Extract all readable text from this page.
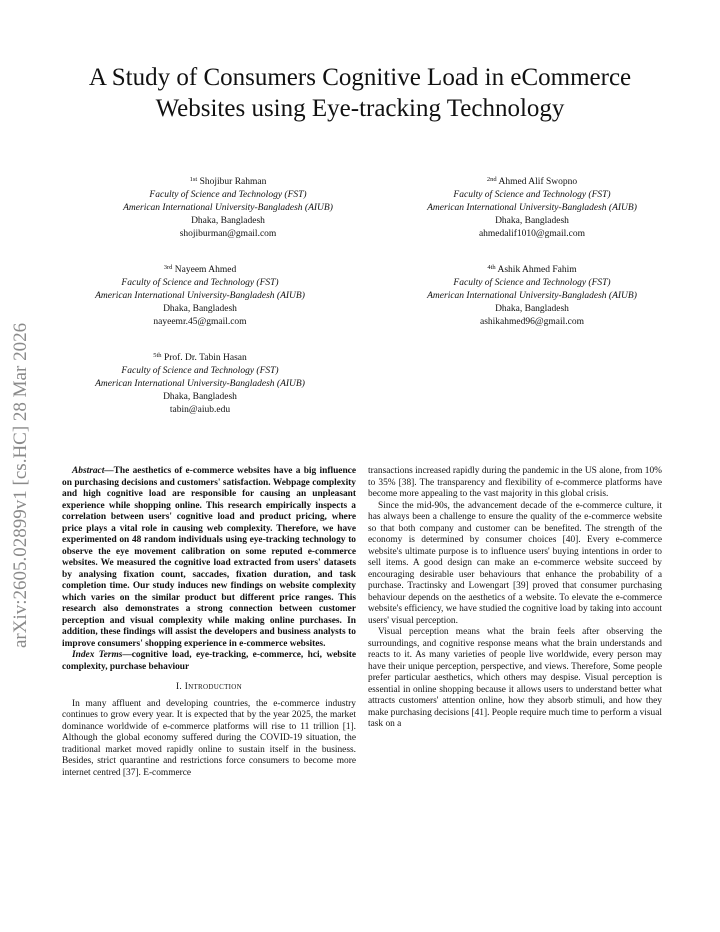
arXiv:2605.02899v1 [cs.HC] 28 Mar 2026
A Study of Consumers Cognitive Load in eCommerce Websites using Eye-tracking Technology
$^{1st}$ Shojibur Rahman
Faculty of Science and Technology (FST)
American International University-Bangladesh (AIUB)
Dhaka, Bangladesh
shojiburman@gmail.com
$^{2nd}$ Ahmed Alif Swopno
Faculty of Science and Technology (FST)
American International University-Bangladesh (AIUB)
Dhaka, Bangladesh
ahmedalif1010@gmail.com
$^{3rd}$ Nayeem Ahmed
Faculty of Science and Technology (FST)
American International University-Bangladesh (AIUB)
Dhaka, Bangladesh
nayeemr.45@gmail.com
$^{4th}$ Ashik Ahmed Fahim
Faculty of Science and Technology (FST)
American International University-Bangladesh (AIUB)
Dhaka, Bangladesh
ashikahmed96@gmail.com
$^{5th}$ Prof. Dr. Tabin Hasan
Faculty of Science and Technology (FST)
American International University-Bangladesh (AIUB)
Dhaka, Bangladesh
tabin@aiub.edu

Abstract—The aesthetics of e-commerce websites have a big influence on purchasing decisions and customers' satisfaction. Webpage complexity and high cognitive load are responsible for causing an unpleasant experience while shopping online. This research empirically inspects a correlation between users' cognitive load and product pricing, where price plays a vital role in causing web complexity. Therefore, we have experimented on 48 random individuals using eye-tracking technology to observe the eye movement calibration on some reputed e-commerce websites. We measured the cognitive load extracted from users' datasets by analysing fixation count, saccades, fixation duration, and task completion time. Our study induces new findings on website complexity which varies on the similar product but different price ranges. This research also demonstrates a strong connection between customer perception and visual complexity while making online purchases. In addition, these findings will assist the developers and business analysts to improve consumers' shopping experience in e-commerce websites.

Index Terms—cognitive load, eye-tracking, e-commerce, hci, website complexity, purchase behaviour

I. Introduction

In many affluent and developing countries, the e-commerce industry continues to grow every year. It is expected that by the year 2025, the market dominance worldwide of e-commerce platforms will rise to 11 trillion [1]. Although the global economy suffered during the COVID-19 situation, the traditional market moved rapidly online to sustain itself in the business. Besides, strict quarantine and restrictions force consumers to become more internet centred [37]. E-commerce

transactions increased rapidly during the pandemic in the US alone, from 10% to 35% [38]. The transparency and flexibility of e-commerce platforms have become more appealing to the vast majority in this global crisis.

Since the mid-90s, the advancement decade of the e-commerce culture, it has always been a challenge to ensure the quality of the e-commerce website so that both company and customer can be benefited. The strength of the economy is determined by consumer choices [40]. Every e-commerce website's ultimate purpose is to influence users' buying intentions in order to sell items. A good design can make an e-commerce website succeed by encouraging desirable user behaviours that enhance the probability of a purchase. Tractinsky and Lowengart [39] proved that consumer purchasing behaviour depends on the aesthetics of a website. To elevate the e-commerce website's efficiency, we have studied the cognitive load by taking into account users' visual perception.

Visual perception means what the brain feels after observing the surroundings, and cognitive response means what the brain understands and reacts to it. As many varieties of people live worldwide, every person may have their unique perception, perspective, and views. Therefore, Some people prefer particular aesthetics, which others may despise. Visual perception is essential in online shopping because it allows users to understand better what attracts customers' attention online, how they absorb stimuli, and how they make purchasing decisions [41]. People require much time to perform a visual task on a
